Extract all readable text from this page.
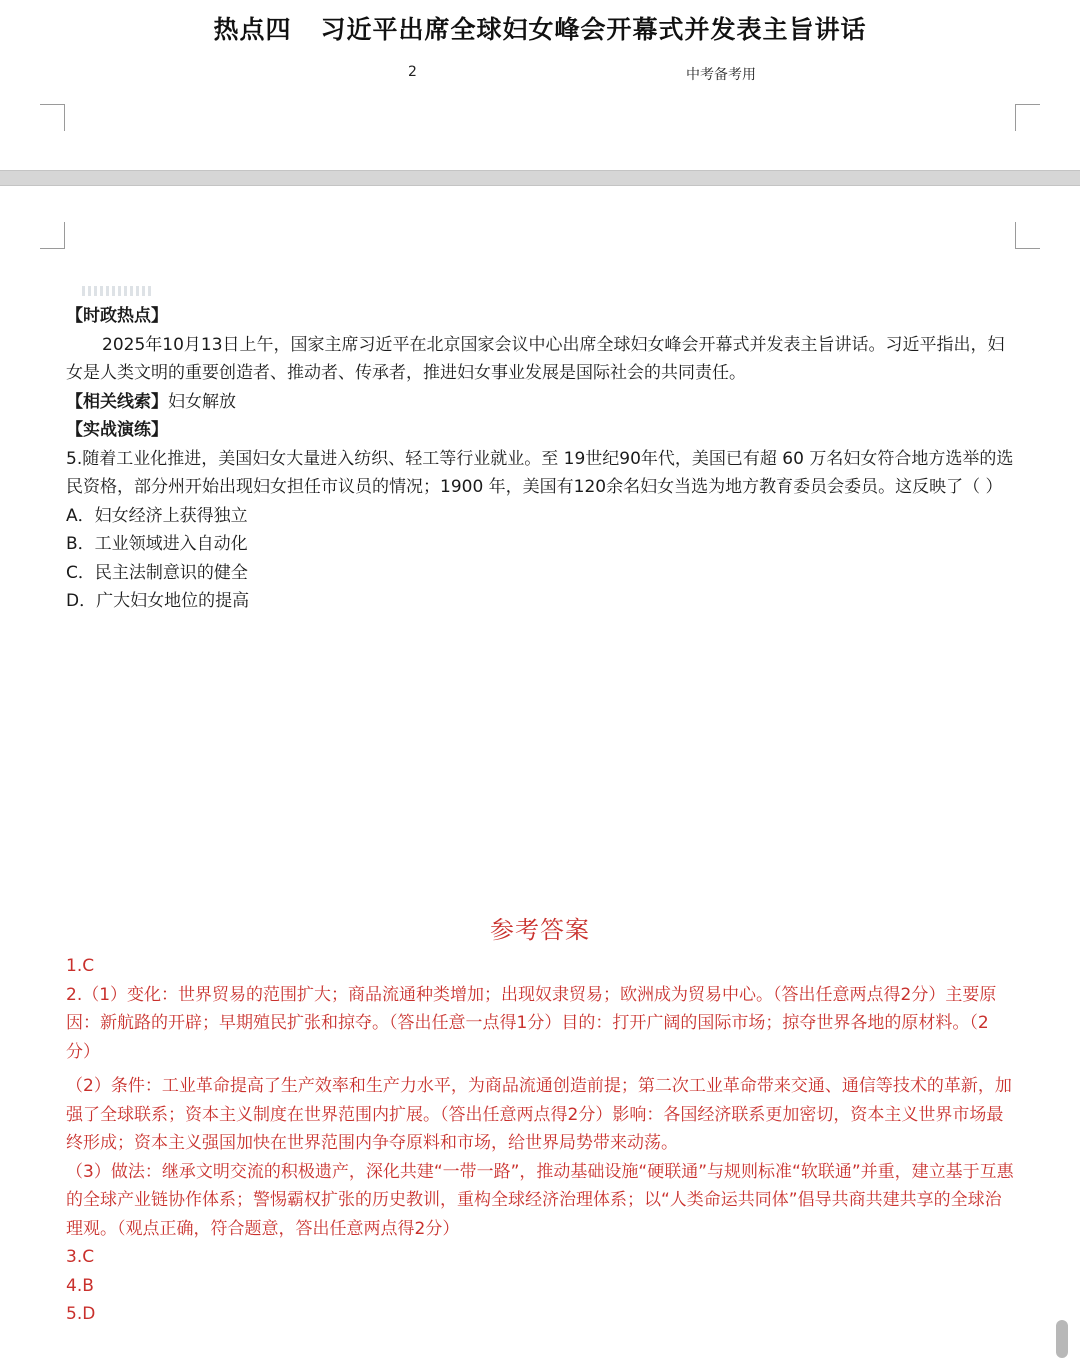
热点四   习近平出席全球妇女峰会开幕式并发表主旨讲话
2	中考备考用

【时政热点】

2025年10月13日上午，国家主席习近平在北京国家会议中心出席全球妇女峰会开幕式并发表主旨讲话。习近平指出，妇女是人类文明的重要创造者、推动者、传承者，推进妇女事业发展是国际社会的共同责任。

【相关线索】妇女解放

【实战演练】

5.随着工业化推进，美国妇女大量进入纺织、轻工等行业就业。至 19世纪90年代，美国已有超 60 万名妇女符合地方选举的选民资格，部分州开始出现妇女担任市议员的情况；1900 年，美国有120余名妇女当选为地方教育委员会委员。这反映了（ ）

A．妇女经济上获得独立

B．工业领域进入自动化

C．民主法制意识的健全

D．广大妇女地位的提高

参考答案

1.C

2.（1）变化：世界贸易的范围扩大；商品流通种类增加；出现奴隶贸易；欧洲成为贸易中心。（答出任意两点得2分）主要原因：新航路的开辟；早期殖民扩张和掠夺。（答出任意一点得1分）目的：打开广阔的国际市场；掠夺世界各地的原材料。（2分）

（2）条件：工业革命提高了生产效率和生产力水平，为商品流通创造前提；第二次工业革命带来交通、通信等技术的革新，加强了全球联系；资本主义制度在世界范围内扩展。（答出任意两点得2分）影响：各国经济联系更加密切，资本主义世界市场最终形成；资本主义强国加快在世界范围内争夺原料和市场，给世界局势带来动荡。

（3）做法：继承文明交流的积极遗产，深化共建“一带一路”，推动基础设施“硬联通”与规则标准“软联通”并重，建立基于互惠的全球产业链协作体系；警惕霸权扩张的历史教训，重构全球经济治理体系；以“人类命运共同体”倡导共商共建共享的全球治理观。（观点正确，符合题意，答出任意两点得2分）

3.C

4.B

5.D
